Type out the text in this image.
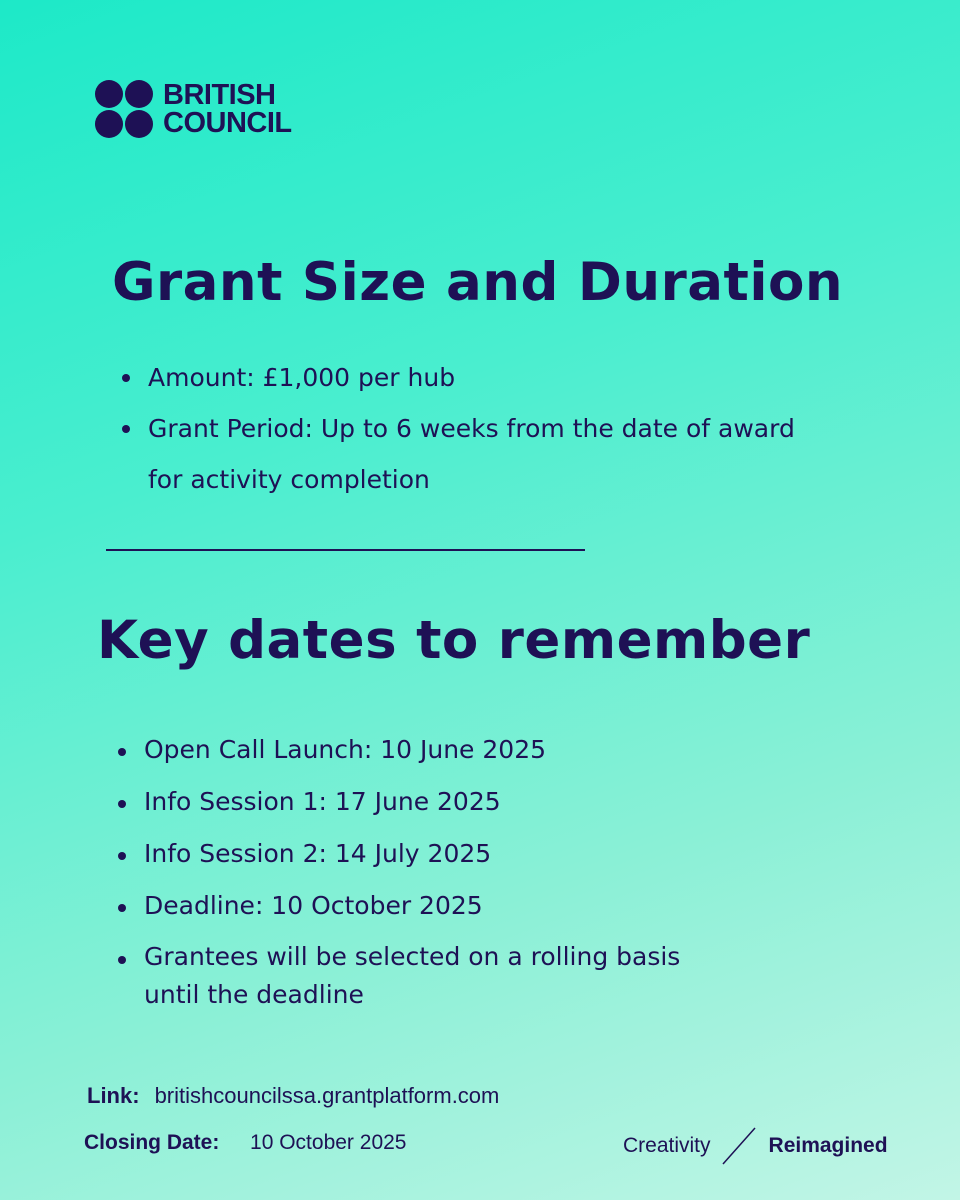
BRITISH
COUNCIL
Grant Size and Duration
Amount: £1,000 per hub
Grant Period: Up to 6 weeks from the date of award
for activity completion
Key dates to remember
Open Call Launch: 10 June 2025
Info Session 1: 17 June 2025
Info Session 2: 14 July 2025
Deadline: 10 October 2025
Grantees will be selected on a rolling basis
until the deadline
Link: britishcouncilssa.grantplatform.com
Closing Date: 10 October 2025	Creativity	Reimagined
